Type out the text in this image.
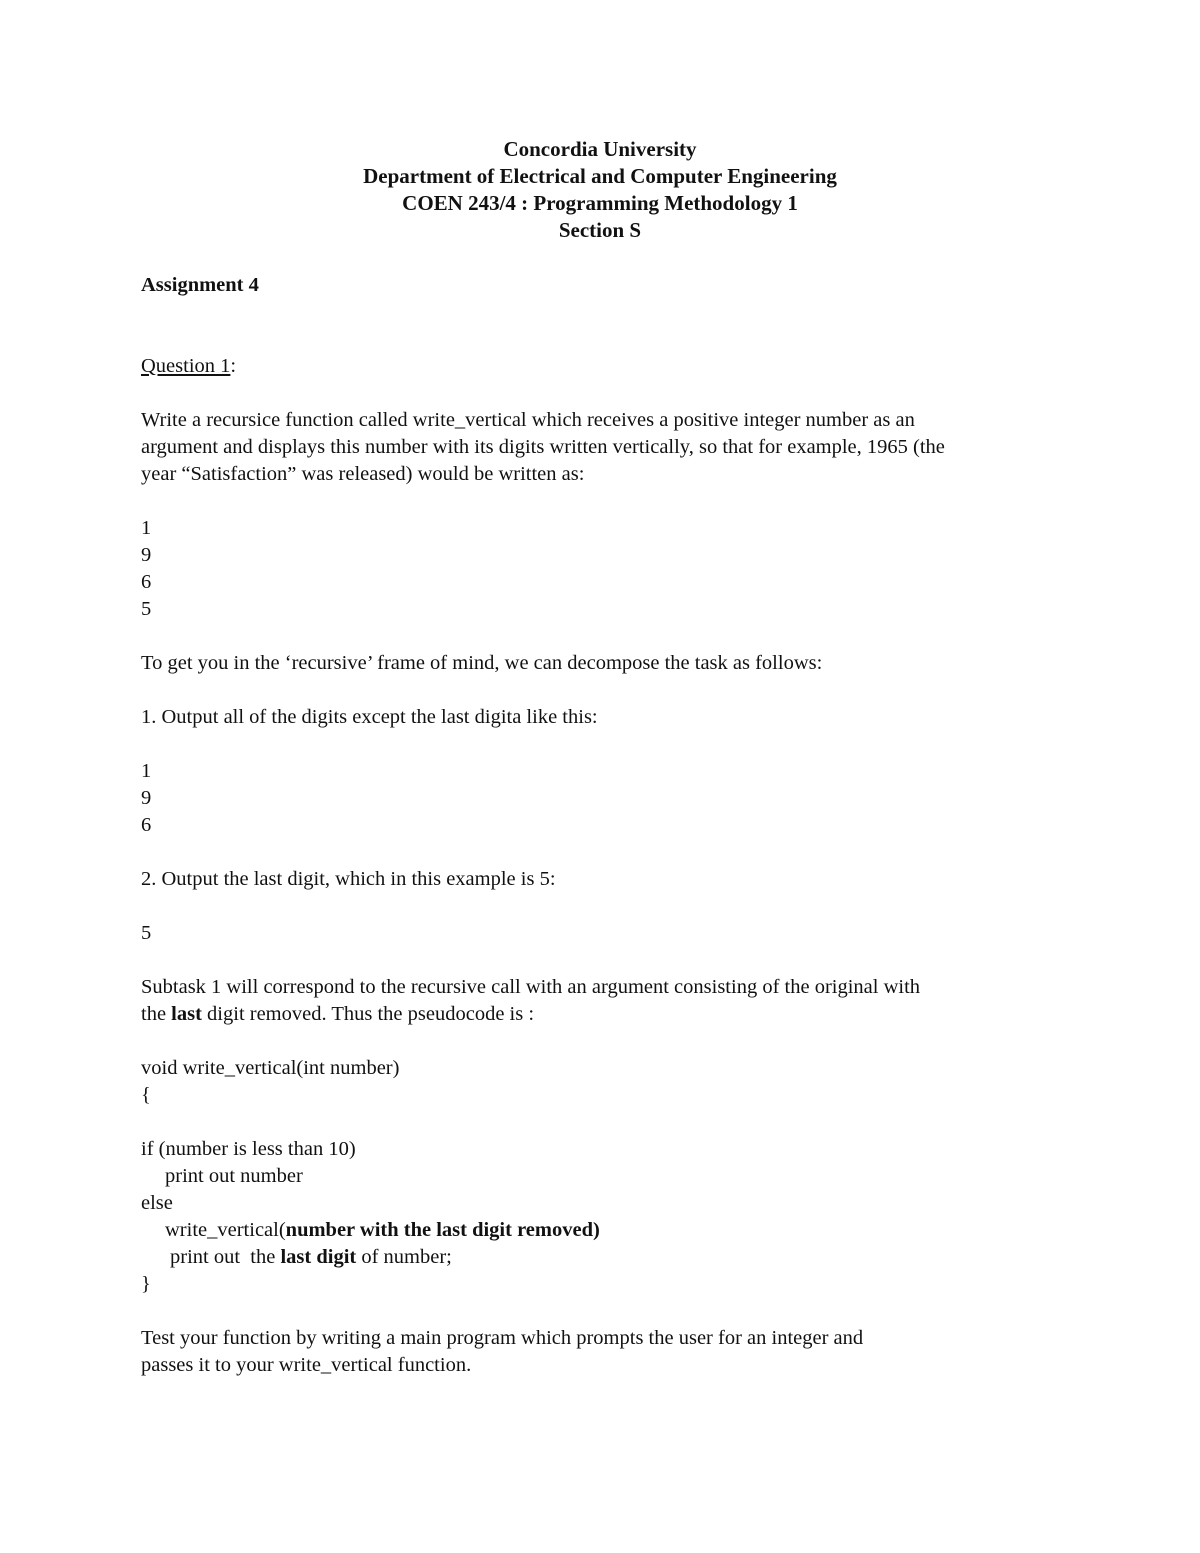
Concordia University
Department of Electrical and Computer Engineering
COEN 243/4 : Programming Methodology 1
Section S
Assignment 4
Question 1:
Write a recursice function called write_vertical which receives a positive integer number as an
argument and displays this number with its digits written vertically, so that for example, 1965 (the
year “Satisfaction” was released) would be written as:
1
9
6
5
To get you in the ‘recursive’ frame of mind, we can decompose the task as follows:
1. Output all of the digits except the last digita like this:
1
9
6
2. Output the last digit, which in this example is 5:
5
Subtask 1 will correspond to the recursive call with an argument consisting of the original with
the last digit removed. Thus the pseudocode is :
void write_vertical(int number)
{
if (number is less than 10)
print out number
else
write_vertical(number with the last digit removed)
print out  the last digit of number;
}
Test your function by writing a main program which prompts the user for an integer and
passes it to your write_vertical function.
